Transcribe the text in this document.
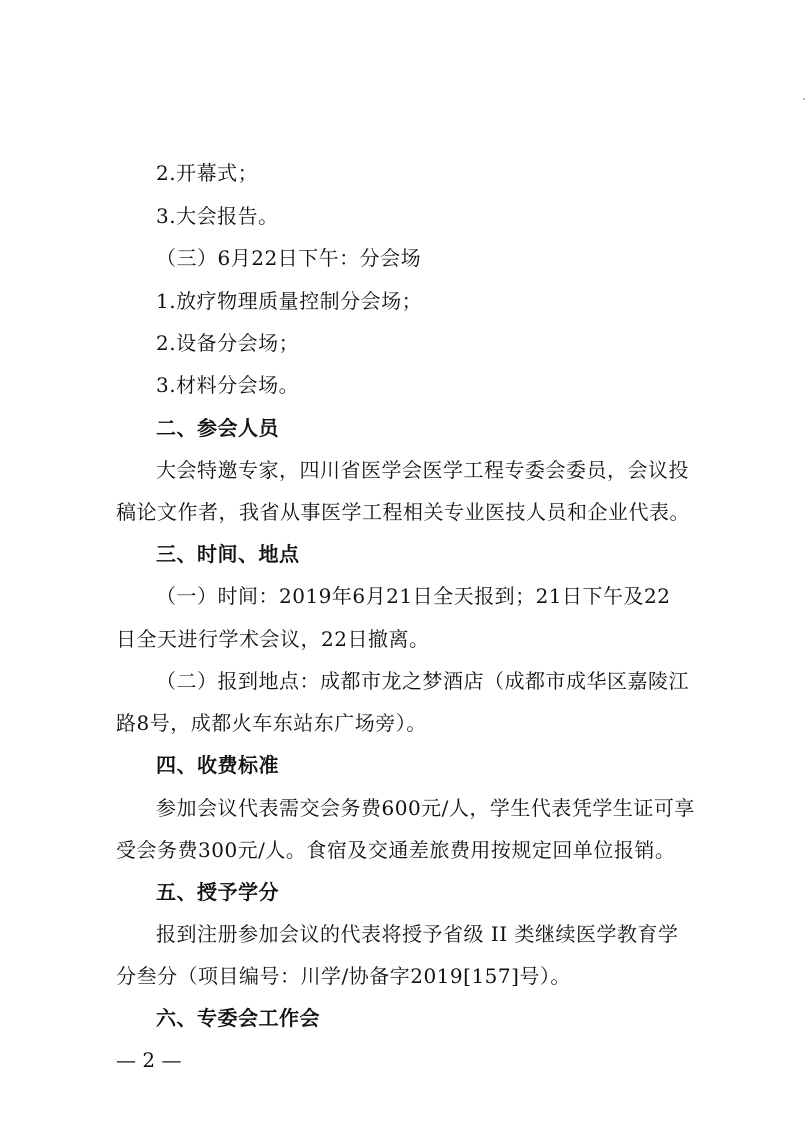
2.开幕式；
3.大会报告。
（三）6月22日下午：分会场
1.放疗物理质量控制分会场；
2.设备分会场；
3.材料分会场。
二、参会人员
大会特邀专家，四川省医学会医学工程专委会委员，会议投
稿论文作者，我省从事医学工程相关专业医技人员和企业代表。
三、时间、地点
（一）时间：2019年6月21日全天报到；21日下午及22
日全天进行学术会议，22日撤离。
（二）报到地点：成都市龙之梦酒店（成都市成华区嘉陵江
路8号，成都火车东站东广场旁）。
四、收费标准
参加会议代表需交会务费600元/人，学生代表凭学生证可享
受会务费300元/人。食宿及交通差旅费用按规定回单位报销。
五、授予学分
报到注册参加会议的代表将授予省级 II 类继续医学教育学
分叁分（项目编号：川学/协备字2019[157]号）。
六、专委会工作会
— 2 —
